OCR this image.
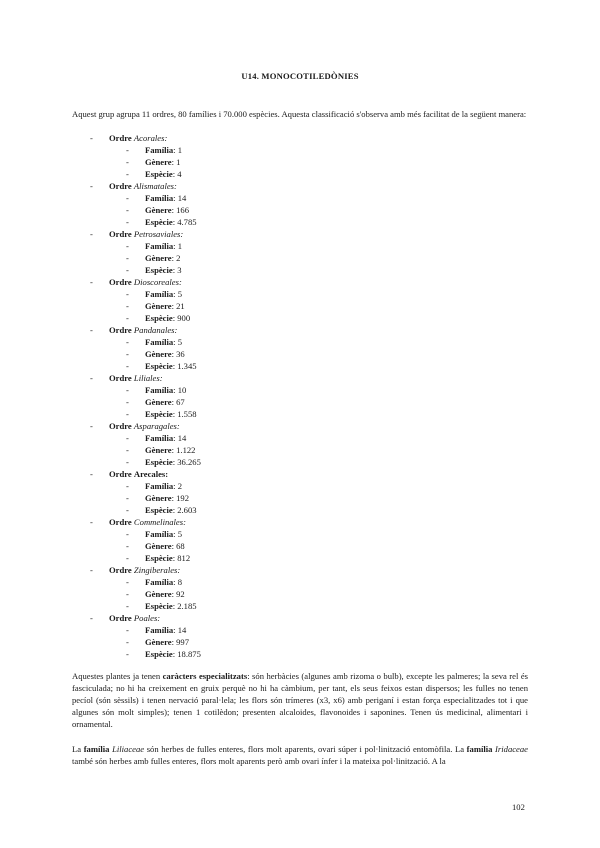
U14. MONOCOTILEDÒNIES
Aquest grup agrupa 11 ordres, 80 famílies i 70.000 espècies. Aquesta classificació s'observa amb més facilitat de la següent manera:
- Ordre Acorales:
- Família: 1
- Gènere: 1
- Espècie: 4
- Ordre Alismatales:
- Família: 14
- Gènere: 166
- Espècie: 4.785
- Ordre Petrosaviales:
- Família: 1
- Gènere: 2
- Espècie: 3
- Ordre Dioscoreales:
- Família: 5
- Gènere: 21
- Espècie: 900
- Ordre Pandanales:
- Família: 5
- Gènere: 36
- Espècie: 1.345
- Ordre Liliales:
- Família: 10
- Gènere: 67
- Espècie: 1.558
- Ordre Asparagales:
- Família: 14
- Gènere: 1.122
- Espècie: 36.265
- Ordre Arecales:
- Família: 2
- Gènere: 192
- Espècie: 2.603
- Ordre Commelinales:
- Família: 5
- Gènere: 68
- Espècie: 812
- Ordre Zingiberales:
- Família: 8
- Gènere: 92
- Espècie: 2.185
- Ordre Poales:
- Família: 14
- Gènere: 997
- Espècie: 18.875

Aquestes plantes ja tenen caràcters especialitzats: són herbàcies (algunes amb rizoma o bulb), excepte les palmeres; la seva rel és fasciculada; no hi ha creixement en gruix perquè no hi ha càmbium, per tant, els seus feixos estan dispersos; les fulles no tenen pecíol (són sèssils) i tenen nervació paral·lela; les flors són trímeres (x3, x6) amb periganí i estan força especialitzades tot i que algunes són molt simples); tenen 1 cotilèdon; presenten alcaloides, flavonoides i saponines. Tenen ús medicinal, alimentari i ornamental.

La família Liliaceae són herbes de fulles enteres, flors molt aparents, ovari súper i pol·linització entomòfila. La família Iridaceae també són herbes amb fulles enteres, flors molt aparents però amb ovari ínfer i la mateixa pol·linització. A la

102
